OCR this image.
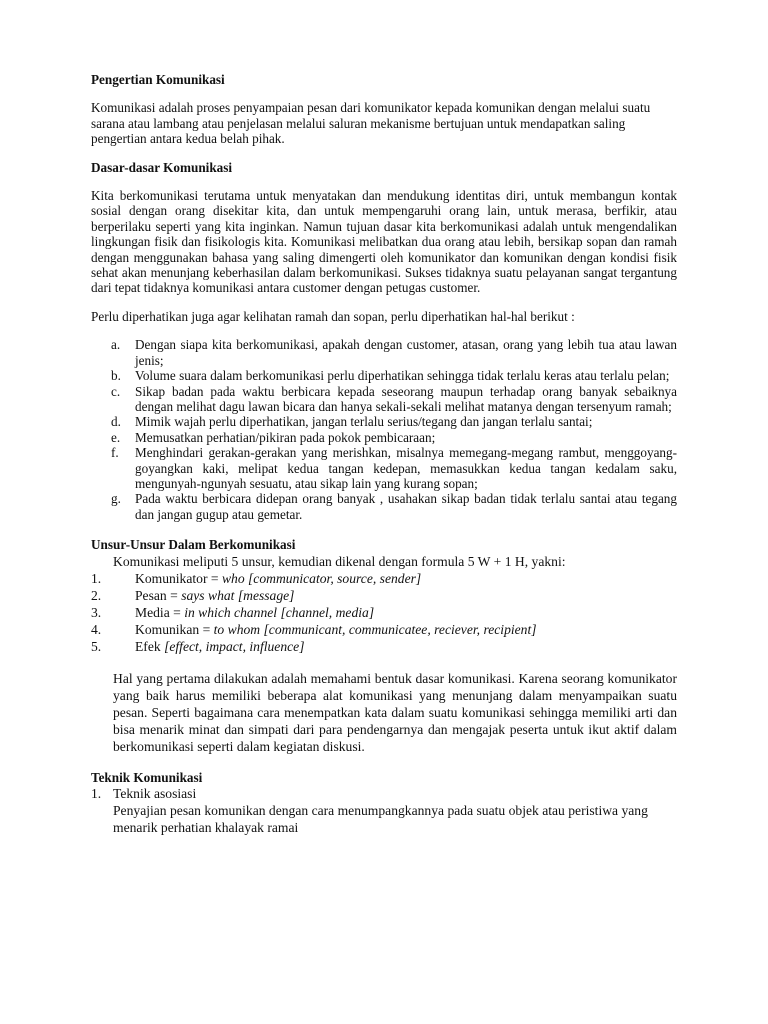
Pengertian Komunikasi

Komunikasi adalah proses penyampaian pesan dari komunikator kepada komunikan dengan melalui suatu sarana atau lambang atau penjelasan melalui saluran mekanisme bertujuan untuk mendapatkan saling pengertian antara kedua belah pihak.

Dasar-dasar Komunikasi

Kita berkomunikasi terutama untuk menyatakan dan mendukung identitas diri, untuk membangun kontak sosial dengan orang disekitar kita, dan untuk mempengaruhi orang lain, untuk merasa, berfikir, atau berperilaku seperti yang kita inginkan. Namun tujuan dasar kita berkomunikasi adalah untuk mengendalikan lingkungan fisik dan fisikologis kita. Komunikasi melibatkan dua orang atau lebih, bersikap sopan dan ramah dengan menggunakan bahasa yang saling dimengerti oleh komunikator dan komunikan dengan kondisi fisik sehat akan menunjang keberhasilan dalam berkomunikasi. Sukses tidaknya suatu pelayanan sangat tergantung dari tepat tidaknya komunikasi antara customer dengan petugas customer.

Perlu diperhatikan juga agar kelihatan ramah dan sopan, perlu diperhatikan hal-hal berikut :

a. Dengan siapa kita berkomunikasi, apakah dengan customer, atasan, orang yang lebih tua atau lawan jenis;
b. Volume suara dalam berkomunikasi perlu diperhatikan sehingga tidak terlalu keras atau terlalu pelan;
c. Sikap badan pada waktu berbicara kepada seseorang maupun terhadap orang banyak sebaiknya dengan melihat dagu lawan bicara dan hanya sekali-sekali melihat matanya dengan tersenyum ramah;
d. Mimik wajah perlu diperhatikan, jangan terlalu serius/tegang dan jangan terlalu santai;
e. Memusatkan perhatian/pikiran pada pokok pembicaraan;
f. Menghindari gerakan-gerakan yang merishkan, misalnya memegang-megang rambut, menggoyang-goyangkan kaki, melipat kedua tangan kedepan, memasukkan kedua tangan kedalam saku, mengunyah-ngunyah sesuatu, atau sikap lain yang kurang sopan;
g. Pada waktu berbicara didepan orang banyak , usahakan sikap badan tidak terlalu santai atau tegang dan jangan gugup atau gemetar.

Unsur-Unsur Dalam Berkomunikasi

Komunikasi meliputi 5 unsur, kemudian dikenal dengan formula 5 W + 1 H, yakni:

1. Komunikator = who [communicator, source, sender]
2. Pesan = says what [message]
3. Media = in which channel [channel, media]
4. Komunikan = to whom [communicant, communicatee, reciever, recipient]
5. Efek [effect, impact, influence]

Hal yang pertama dilakukan adalah memahami bentuk dasar komunikasi. Karena seorang komunikator yang baik harus memiliki beberapa alat komunikasi yang menunjang dalam menyampaikan suatu pesan. Seperti bagaimana cara menempatkan kata dalam suatu komunikasi sehingga memiliki arti dan bisa menarik minat dan simpati dari para pendengarnya dan mengajak peserta untuk ikut aktif dalam berkomunikasi seperti dalam kegiatan diskusi.

Teknik Komunikasi

1. Teknik asosiasi
Penyajian pesan komunikan dengan cara menumpangkannya pada suatu objek atau peristiwa yang menarik perhatian khalayak ramai
